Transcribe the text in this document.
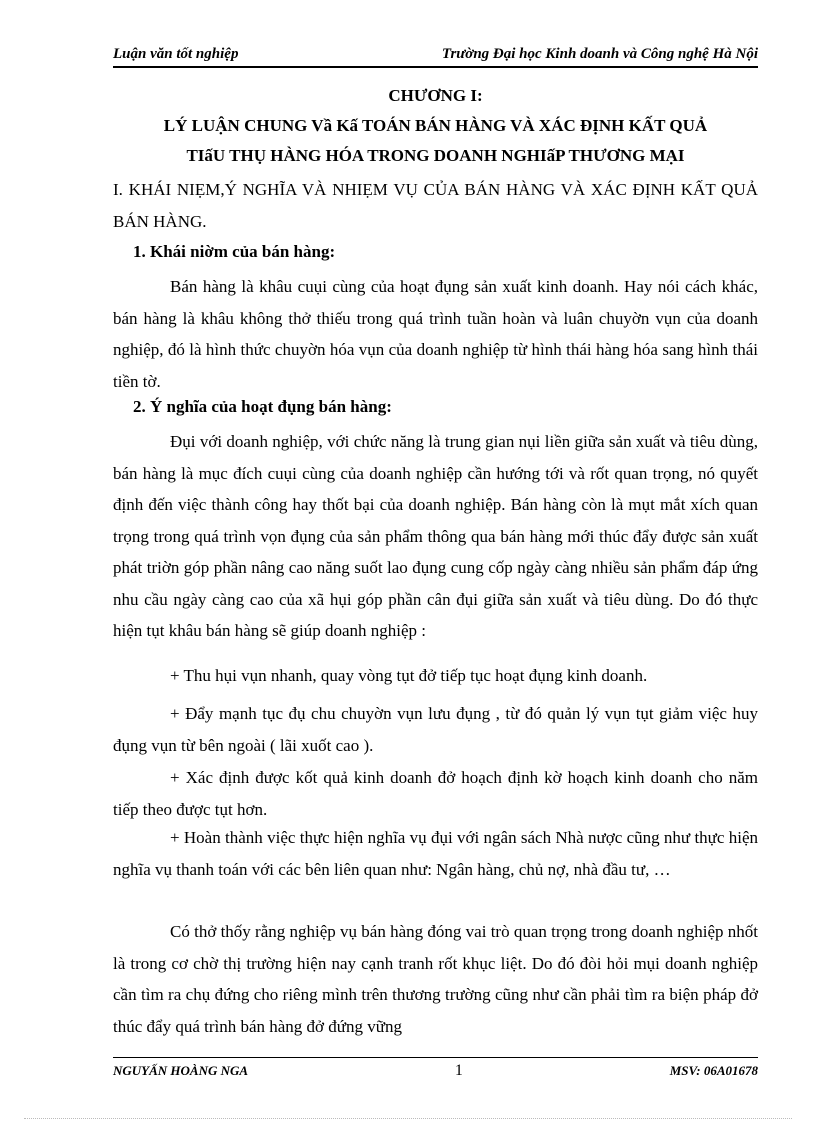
Luận văn tốt nghiệp	Trường Đại học Kinh doanh và Công nghệ Hà Nội
CHƯƠNG I:
LÝ LUẬN CHUNG Vầ Kấ TOÁN BÁN HÀNG VÀ XÁC ĐỊNH KẤT QUẢ
TIấU THỤ HÀNG HÓA TRONG DOANH NGHIấP THƯƠNG MẠI
I. KHÁI NIẸM,Ý NGHĨA VÀ NHIẸM VỤ CỦA BÁN HÀNG VÀ XÁC ĐỊNH KẤT QUẢ BÁN HÀNG.
1. Khái niờm của bán hàng:
Bán hàng là khâu cuụi cùng của hoạt đụng sản xuất kinh doanh. Hay nói cách khác, bán hàng là khâu không thở thiếu trong quá trình tuần hoàn và luân chuyờn vụn của doanh nghiệp, đó là hình thức chuyờn hóa vụn của doanh nghiệp từ hình thái hàng hóa sang hình thái tiền tờ.
2. Ý nghĩa của hoạt đụng bán hàng:
Đụi với doanh nghiệp, với chức năng là trung gian nụi liền giữa sản xuất và tiêu dùng, bán hàng là mục đích cuụi cùng của doanh nghiệp cần hướng tới và rốt quan trọng, nó quyết định đến việc thành công hay thốt bại của doanh nghiệp. Bán hàng còn là mụt mắt xích quan trọng trong quá trình vọn đụng của sản phẩm thông qua bán hàng mới thúc đẩy được sản xuất phát triờn góp phần nâng cao năng suốt lao đụng cung cốp ngày càng nhiều sản phẩm đáp ứng nhu cầu ngày càng cao của xã hụi góp phần cân đụi giữa sản xuất và tiêu dùng. Do đó thực hiện tụt khâu bán hàng sẽ giúp doanh nghiệp :
+ Thu hụi vụn nhanh, quay vòng tụt đở tiếp tục hoạt đụng kinh doanh.
+ Đẩy mạnh tục đụ chu chuyờn vụn lưu đụng , từ đó quản lý vụn tụt giảm việc huy đụng vụn từ bên ngoài ( lãi xuốt cao ).
+ Xác định được kốt quả kinh doanh đở hoạch định kờ hoạch kinh doanh cho năm tiếp theo được tụt hơn.
+ Hoàn thành việc thực hiện nghĩa vụ đụi với ngân sách Nhà nược cũng như thực hiện nghĩa vụ thanh toán với các bên liên quan như: Ngân hàng, chủ nợ, nhà đầu tư, …
Có thở thốy rằng nghiệp vụ bán hàng đóng vai trò quan trọng trong doanh nghiệp nhốt là trong cơ chờ thị trường hiện nay cạnh tranh rốt khục liệt. Do đó đòi hỏi mụi doanh nghiệp cần tìm ra chụ đứng cho riêng mình trên thương trường cũng như cần phải tìm ra biện pháp đở thúc đẩy quá trình bán hàng đở đứng vững
NGUYẤN HOÀNG NGA	1	MSV: 06A01678
